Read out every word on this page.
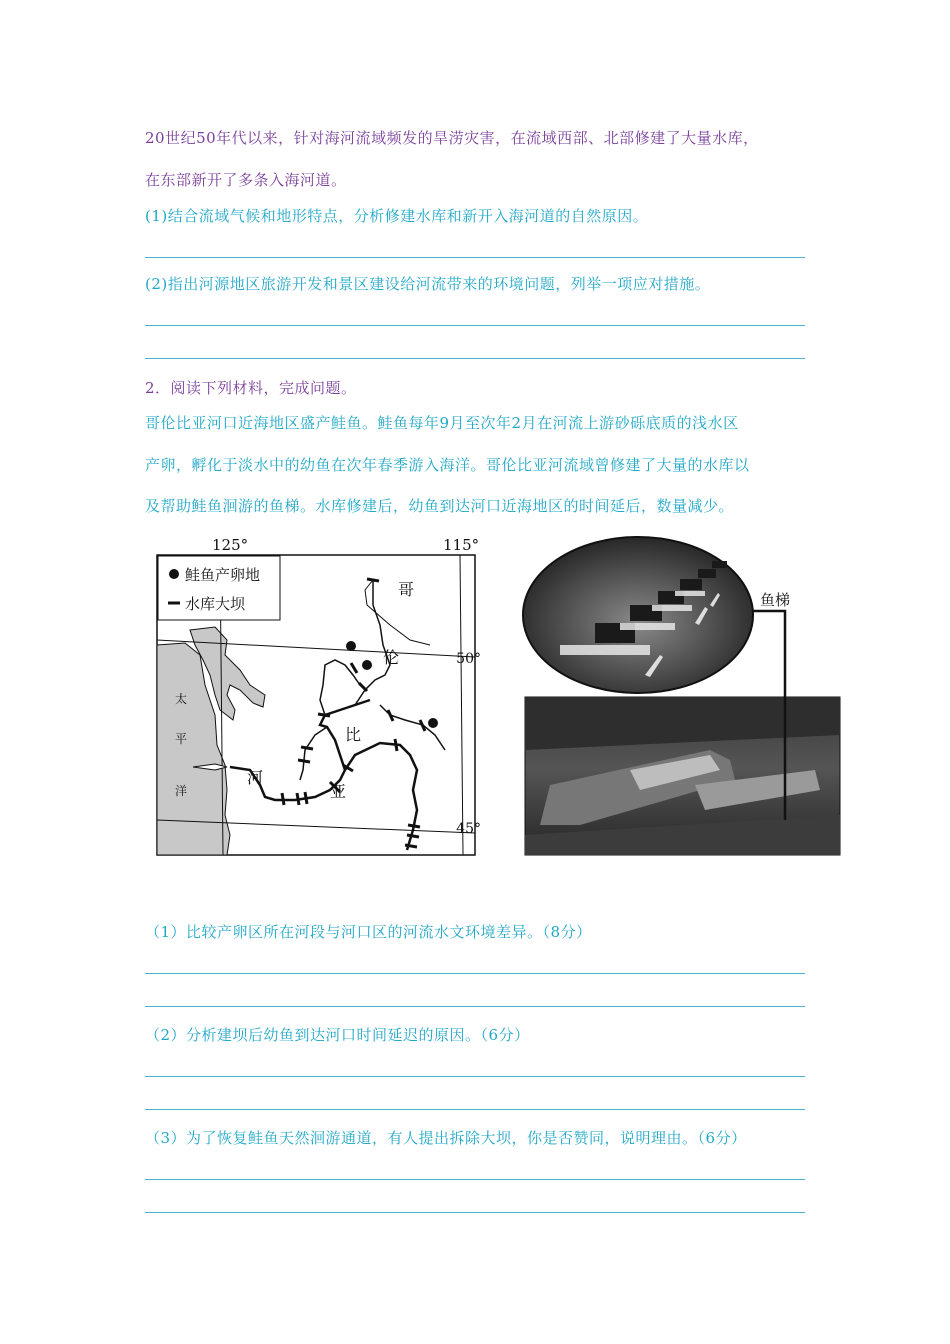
20世纪50年代以来，针对海河流域频发的旱涝灾害，在流域西部、北部修建了大量水库，
在东部新开了多条入海河道。
(1)结合流域气候和地形特点，分析修建水库和新开入海河道的自然原因。
(2)指出河源地区旅游开发和景区建设给河流带来的环境问题，列举一项应对措施。
2．阅读下列材料，完成问题。
哥伦比亚河口近海地区盛产鲑鱼。鲑鱼每年9月至次年2月在河流上游砂砾底质的浅水区
产卵，孵化于淡水中的幼鱼在次年春季游入海洋。哥伦比亚河流域曾修建了大量的水库以
及帮助鲑鱼洄游的鱼梯。水库修建后，幼鱼到达河口近海地区的时间延后，数量减少。
125°	115°
50°
45°
鲑鱼产卵地
水库大坝
太
平
洋
河
亚
比
伦
哥
鱼梯
（1）比较产卵区所在河段与河口区的河流水文环境差异。（8分）
（2）分析建坝后幼鱼到达河口时间延迟的原因。（6分）
（3）为了恢复鲑鱼天然洄游通道，有人提出拆除大坝，你是否赞同，说明理由。（6分）
